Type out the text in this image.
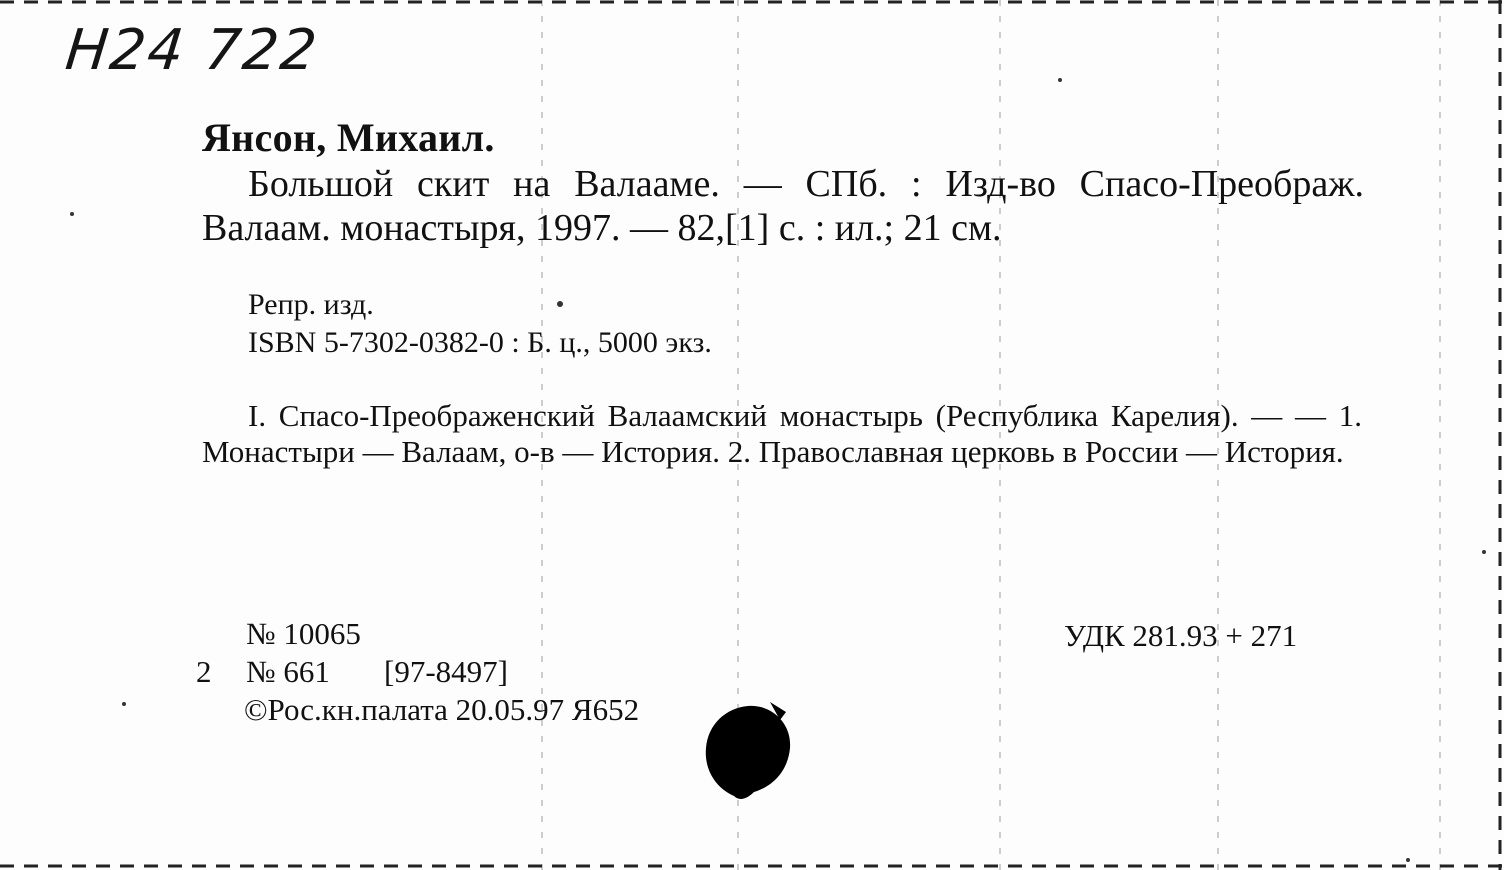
Н24 722
Янсон, Михаил.
Большой скит на Валааме. — СПб. : Изд-во Спасо-Преображ. Валаам. монастыря, 1997. — 82,[1] с. : ил.; 21 см.
Репр. изд.
ISBN 5-7302-0382-0 : Б. ц., 5000 экз.
I. Спасо-Преображенский Валаамский монастырь (Республика Карелия). — — 1. Монастыри — Валаам, о-в — История. 2. Православная церковь в России — История.
№ 10065
2 № 661 [97-8497]
©Рос.кн.палата 20.05.97 Я652
УДК 281.93 + 271
